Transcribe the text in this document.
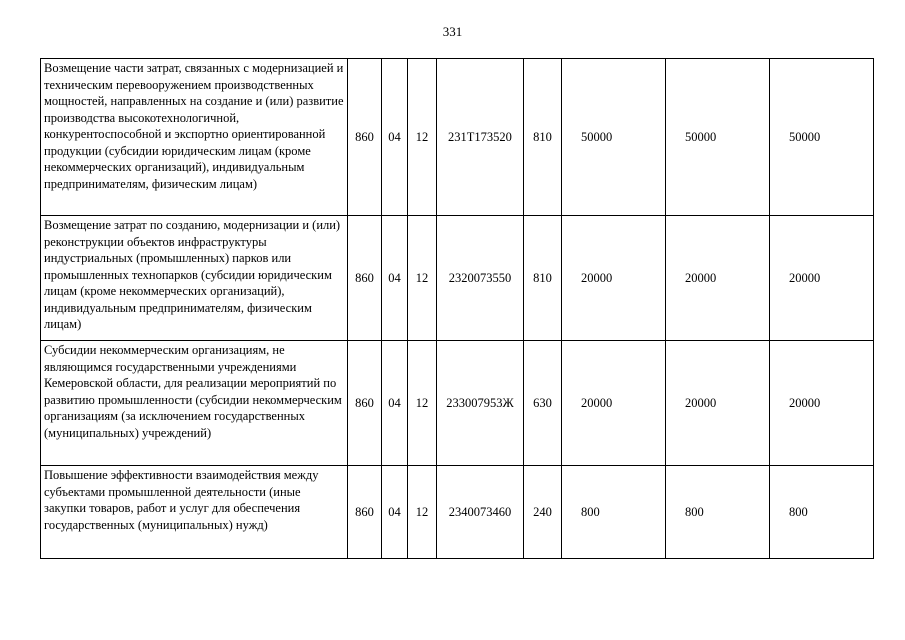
331
Возмещение части затрат, связанных с модернизацией и техническим перевооружением производственных мощностей, направленных на создание и (или) развитие производства высокотехнологичной, конкурентоспособной и экспортно ориентированной продукции (субсидии юридическим лицам (кроме некоммерческих организаций), индивидуальным предпринимателям, физическим лицам)	860	04	12	231Т173520	810	50000	50000	50000
Возмещение затрат по созданию, модернизации и (или) реконструкции объектов инфраструктуры индустриальных (промышленных) парков или промышленных технопарков (субсидии юридическим лицам (кроме некоммерческих организаций), индивидуальным предпринимателям, физическим лицам)	860	04	12	2320073550	810	20000	20000	20000
Субсидии некоммерческим организациям, не являющимся государственными учреждениями Кемеровской области, для реализации мероприятий по развитию промышленности (субсидии некоммерческим организациям (за исключением государственных (муниципальных) учреждений)	860	04	12	233007953Ж	630	20000	20000	20000
Повышение эффективности взаимодействия между субъектами промышленной деятельности (иные закупки товаров, работ и услуг для обеспечения государственных (муниципальных) нужд)	860	04	12	2340073460	240	800	800	800
